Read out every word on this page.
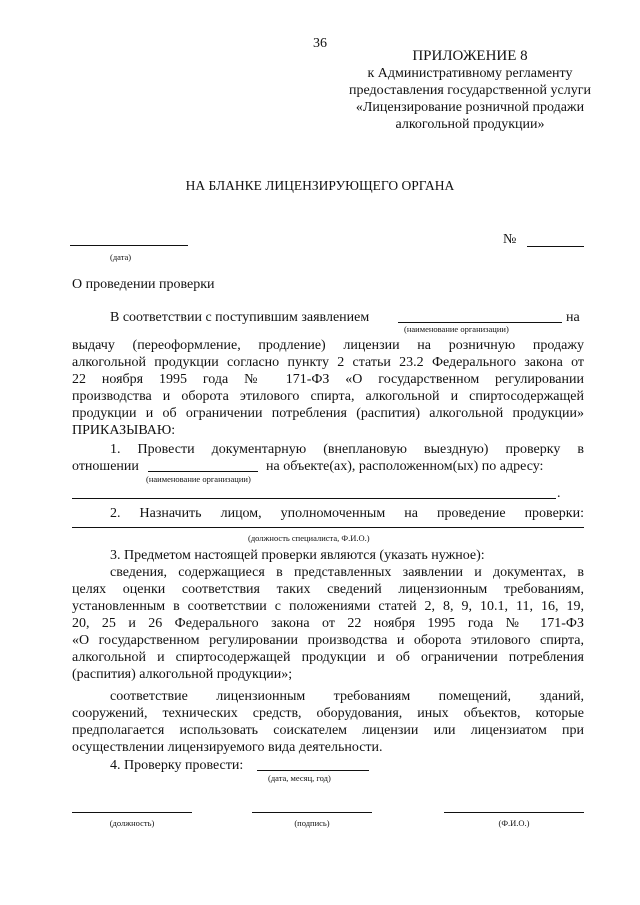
36
ПРИЛОЖЕНИЕ 8
к Административному регламенту
предоставления государственной услуги
«Лицензирование розничной продажи
алкогольной продукции»
НА БЛАНКЕ ЛИЦЕНЗИРУЮЩЕГО ОРГАНА
(дата)
№
О проведении проверки
В соответствии с поступившим заявлением	на
(наименование организации)
выдачу (переоформление, продление) лицензии на розничную продажу
алкогольной продукции согласно пункту 2 статьи 23.2 Федерального закона от
22 ноября 1995 года № 171-ФЗ «О государственном регулировании
производства и оборота этилового спирта, алкогольной и спиртосодержащей
продукции и об ограничении потребления (распития) алкогольной продукции»
ПРИКАЗЫВАЮ:
1. Провести документарную (внеплановую выездную) проверку в
отношении	на объекте(ах), расположенном(ых) по адресу:
(наименование организации)
.
2. Назначить лицом, уполномоченным на проведение проверки:
(должность специалиста, Ф.И.О.)
3. Предметом настоящей проверки являются (указать нужное):
сведения, содержащиеся в представленных заявлении и документах, в
целях оценки соответствия таких сведений лицензионным требованиям,
установленным в соответствии с положениями статей 2, 8, 9, 10.1, 11, 16, 19,
20, 25 и 26 Федерального закона от 22 ноября 1995 года № 171-ФЗ
«О государственном регулировании производства и оборота этилового спирта,
алкогольной и спиртосодержащей продукции и об ограничении потребления
(распития) алкогольной продукции»;
соответствие лицензионным требованиям помещений, зданий,
сооружений, технических средств, оборудования, иных объектов, которые
предполагается использовать соискателем лицензии или лицензиатом при
осуществлении лицензируемого вида деятельности.
4. Проверку провести:
(дата, месяц, год)
(должность)	(подпись)	(Ф.И.О.)
